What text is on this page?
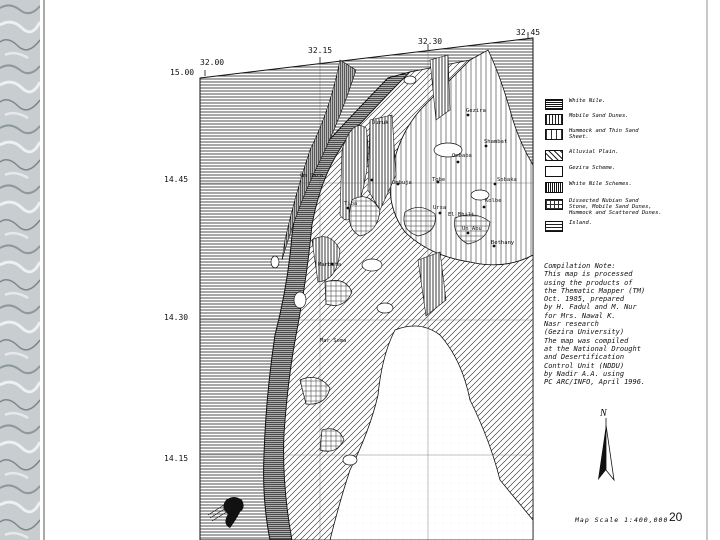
32.00
32.15
32.30
32.45
15.00
14.45
14.30
14.15
Gezira
Shambat
Sobaka
Ombaba
Duruk
Tobe
Ombuja
Tiba	Kolbe
Ursa
Marbuta
El Bhili
Un Abu
Bethany
Mar Soma
Om Sara
White Nile.
Mobile Sand Dunes.
Hummock and Thin Sand
Sheet.
Alluvial Plain.
Gezira Scheme.
White Nile Schemes.
Dissected Nubian Sand
Stone, Mobile Sand Dunes,
Hummock and Scattered Dunes.
Island.
Compilation Note:
This map is processed
using the products of
the Thematic Mapper (TM)
Oct. 1985, prepared
by H. Fadul and M. Nur
for Mrs. Nawal K.
Nasr research
(Gezira University)
The map was compiled
at the National Drought
and Desertification
Control Unit (NDDU)
by Nadir A.A. using
PC ARC/INFO, April 1996.
N
Map Scale 1:400,000 20
